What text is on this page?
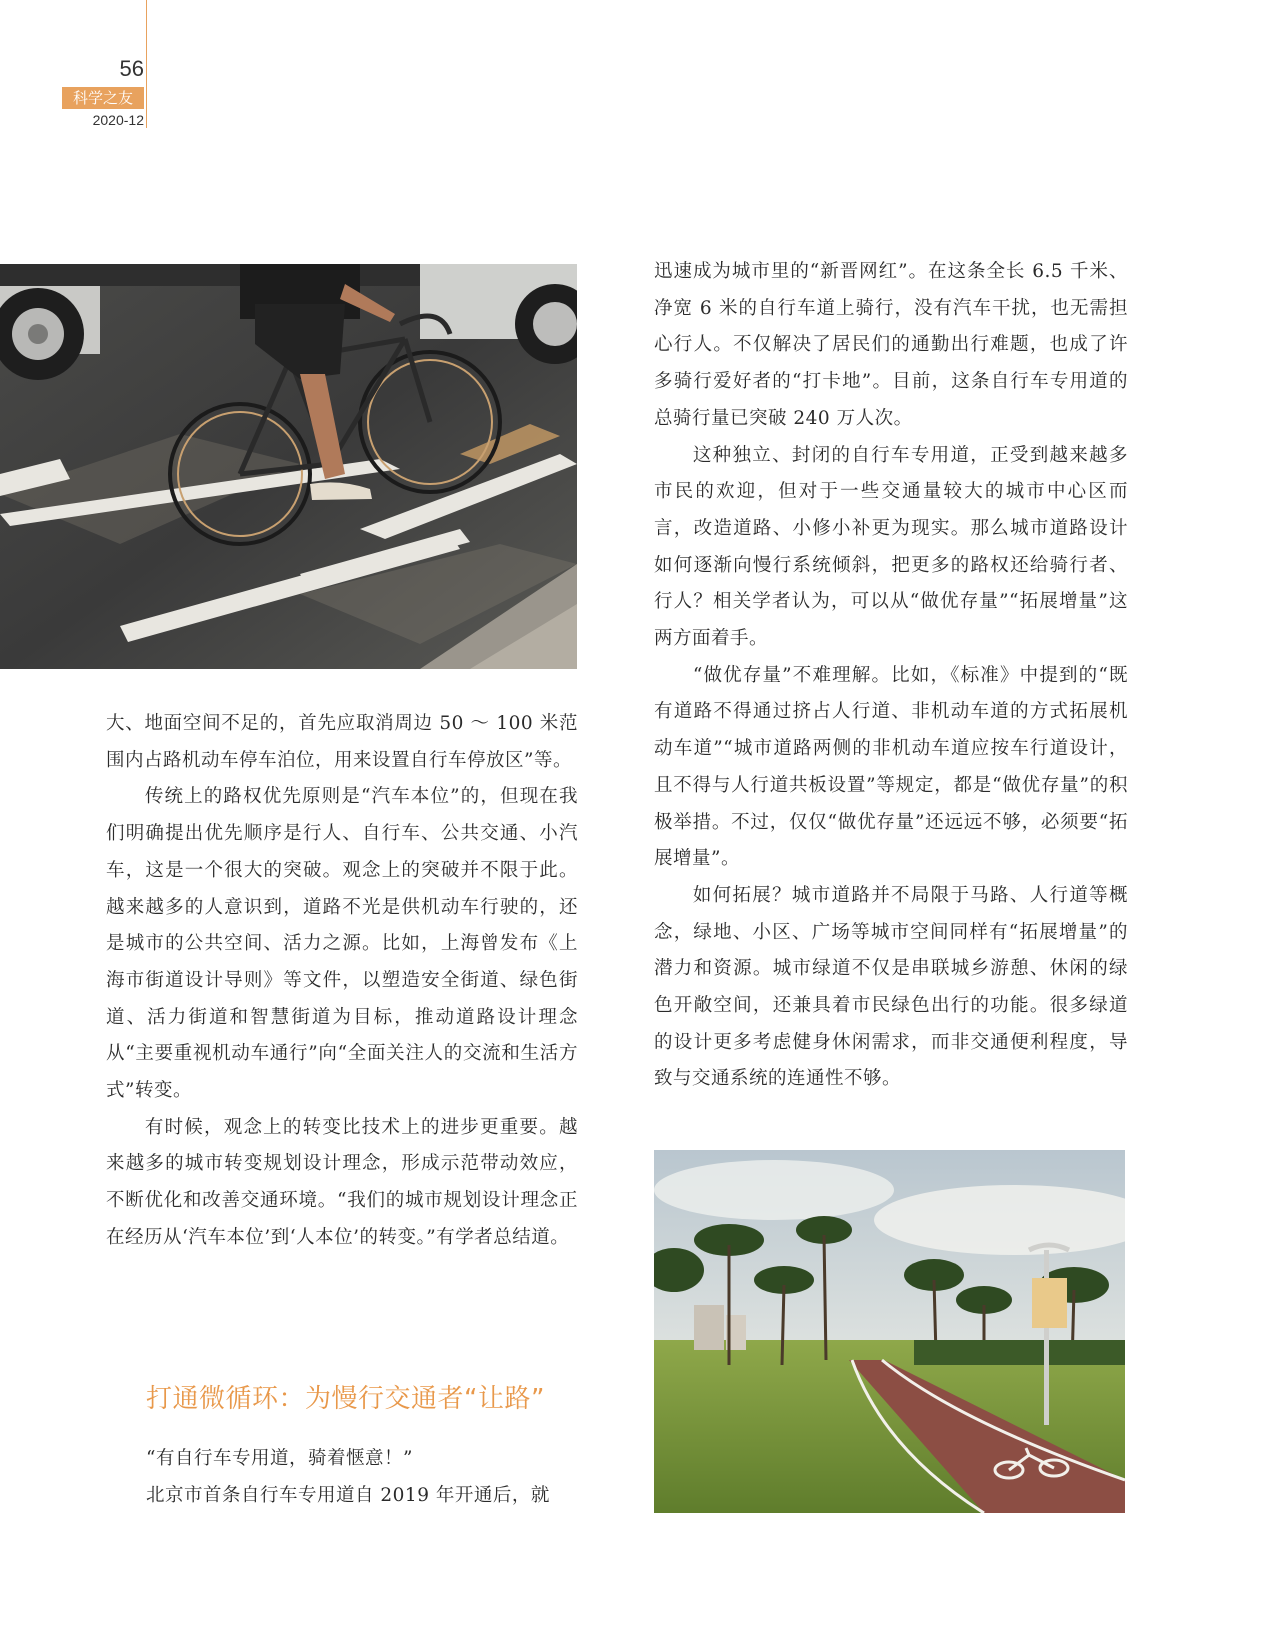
56
科学之友
2020-12

大、地面空间不足的，首先应取消周边 50 ～ 100 米范围内占路机动车停车泊位，用来设置自行车停放区”等。

传统上的路权优先原则是“汽车本位”的，但现在我们明确提出优先顺序是行人、自行车、公共交通、小汽车，这是一个很大的突破。观念上的突破并不限于此。越来越多的人意识到，道路不光是供机动车行驶的，还是城市的公共空间、活力之源。比如，上海曾发布《上海市街道设计导则》等文件，以塑造安全街道、绿色街道、活力街道和智慧街道为目标，推动道路设计理念从“主要重视机动车通行”向“全面关注人的交流和生活方式”转变。

有时候，观念上的转变比技术上的进步更重要。越来越多的城市转变规划设计理念，形成示范带动效应，不断优化和改善交通环境。“我们的城市规划设计理念正在经历从‘汽车本位’到‘人本位’的转变。”有学者总结道。

打通微循环：为慢行交通者“让路”

“有自行车专用道，骑着惬意！”

北京市首条自行车专用道自 2019 年开通后，就

迅速成为城市里的“新晋网红”。在这条全长 6.5 千米、净宽 6 米的自行车道上骑行，没有汽车干扰，也无需担心行人。不仅解决了居民们的通勤出行难题，也成了许多骑行爱好者的“打卡地”。目前，这条自行车专用道的总骑行量已突破 240 万人次。

这种独立、封闭的自行车专用道，正受到越来越多市民的欢迎，但对于一些交通量较大的城市中心区而言，改造道路、小修小补更为现实。那么城市道路设计如何逐渐向慢行系统倾斜，把更多的路权还给骑行者、行人？相关学者认为，可以从“做优存量”“拓展增量”这两方面着手。

“做优存量”不难理解。比如，《标准》中提到的“既有道路不得通过挤占人行道、非机动车道的方式拓展机动车道”“城市道路两侧的非机动车道应按车行道设计，且不得与人行道共板设置”等规定，都是“做优存量”的积极举措。不过，仅仅“做优存量”还远远不够，必须要“拓展增量”。

如何拓展？城市道路并不局限于马路、人行道等概念，绿地、小区、广场等城市空间同样有“拓展增量”的潜力和资源。城市绿道不仅是串联城乡游憩、休闲的绿色开敞空间，还兼具着市民绿色出行的功能。很多绿道的设计更多考虑健身休闲需求，而非交通便利程度，导致与交通系统的连通性不够。
